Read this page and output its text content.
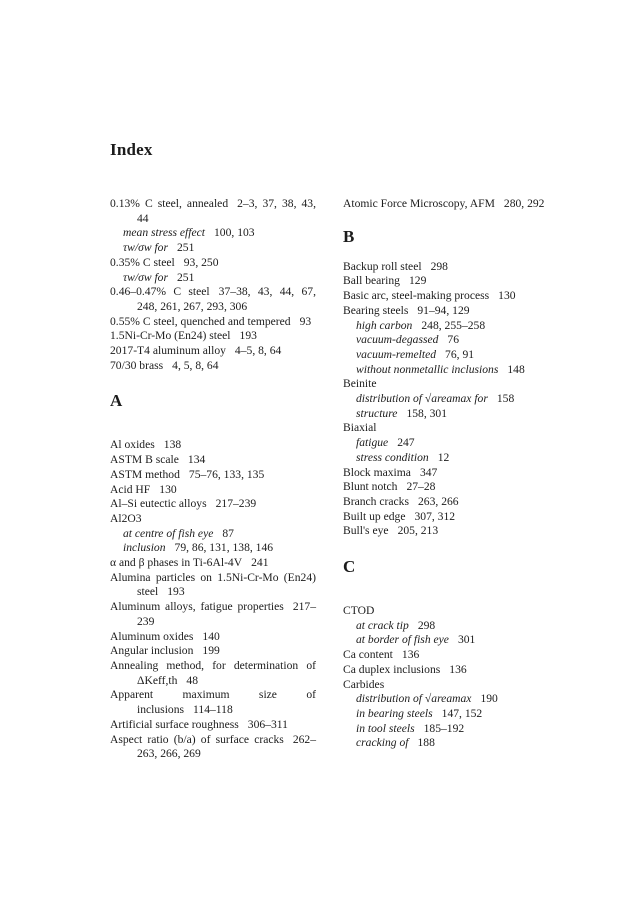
Index
0.13% C steel, annealed 2–3, 37, 38, 43, 44
mean stress effect 100, 103
τw/σw for 251
0.35% C steel 93, 250
τw/σw for 251
0.46–0.47% C steel 37–38, 43, 44, 67, 248, 261, 267, 293, 306
0.55% C steel, quenched and tempered 93
1.5Ni-Cr-Mo (En24) steel 193
2017-T4 aluminum alloy 4–5, 8, 64
70/30 brass 4, 5, 8, 64
A
Al oxides 138
ASTM B scale 134
ASTM method 75–76, 133, 135
Acid HF 130
Al–Si eutectic alloys 217–239
Al2O3
at centre of fish eye 87
inclusion 79, 86, 131, 138, 146
α and β phases in Ti-6Al-4V 241
Alumina particles on 1.5Ni-Cr-Mo (En24) steel 193
Aluminum alloys, fatigue properties 217–239
Aluminum oxides 140
Angular inclusion 199
Annealing method, for determination of ΔKeff,th 48
Apparent maximum size of inclusions 114–118
Artificial surface roughness 306–311
Aspect ratio (b/a) of surface cracks 262–263, 266, 269
Atomic Force Microscopy, AFM 280, 292
B
Backup roll steel 298
Ball bearing 129
Basic arc, steel-making process 130
Bearing steels 91–94, 129
high carbon 248, 255–258
vacuum-degassed 76
vacuum-remelted 76, 91
without nonmetallic inclusions 148
Beinite
distribution of √areamax for 158
structure 158, 301
Biaxial
fatigue 247
stress condition 12
Block maxima 347
Blunt notch 27–28
Branch cracks 263, 266
Built up edge 307, 312
Bull's eye 205, 213
C
CTOD
at crack tip 298
at border of fish eye 301
Ca content 136
Ca duplex inclusions 136
Carbides
distribution of √areamax 190
in bearing steels 147, 152
in tool steels 185–192
cracking of 188
